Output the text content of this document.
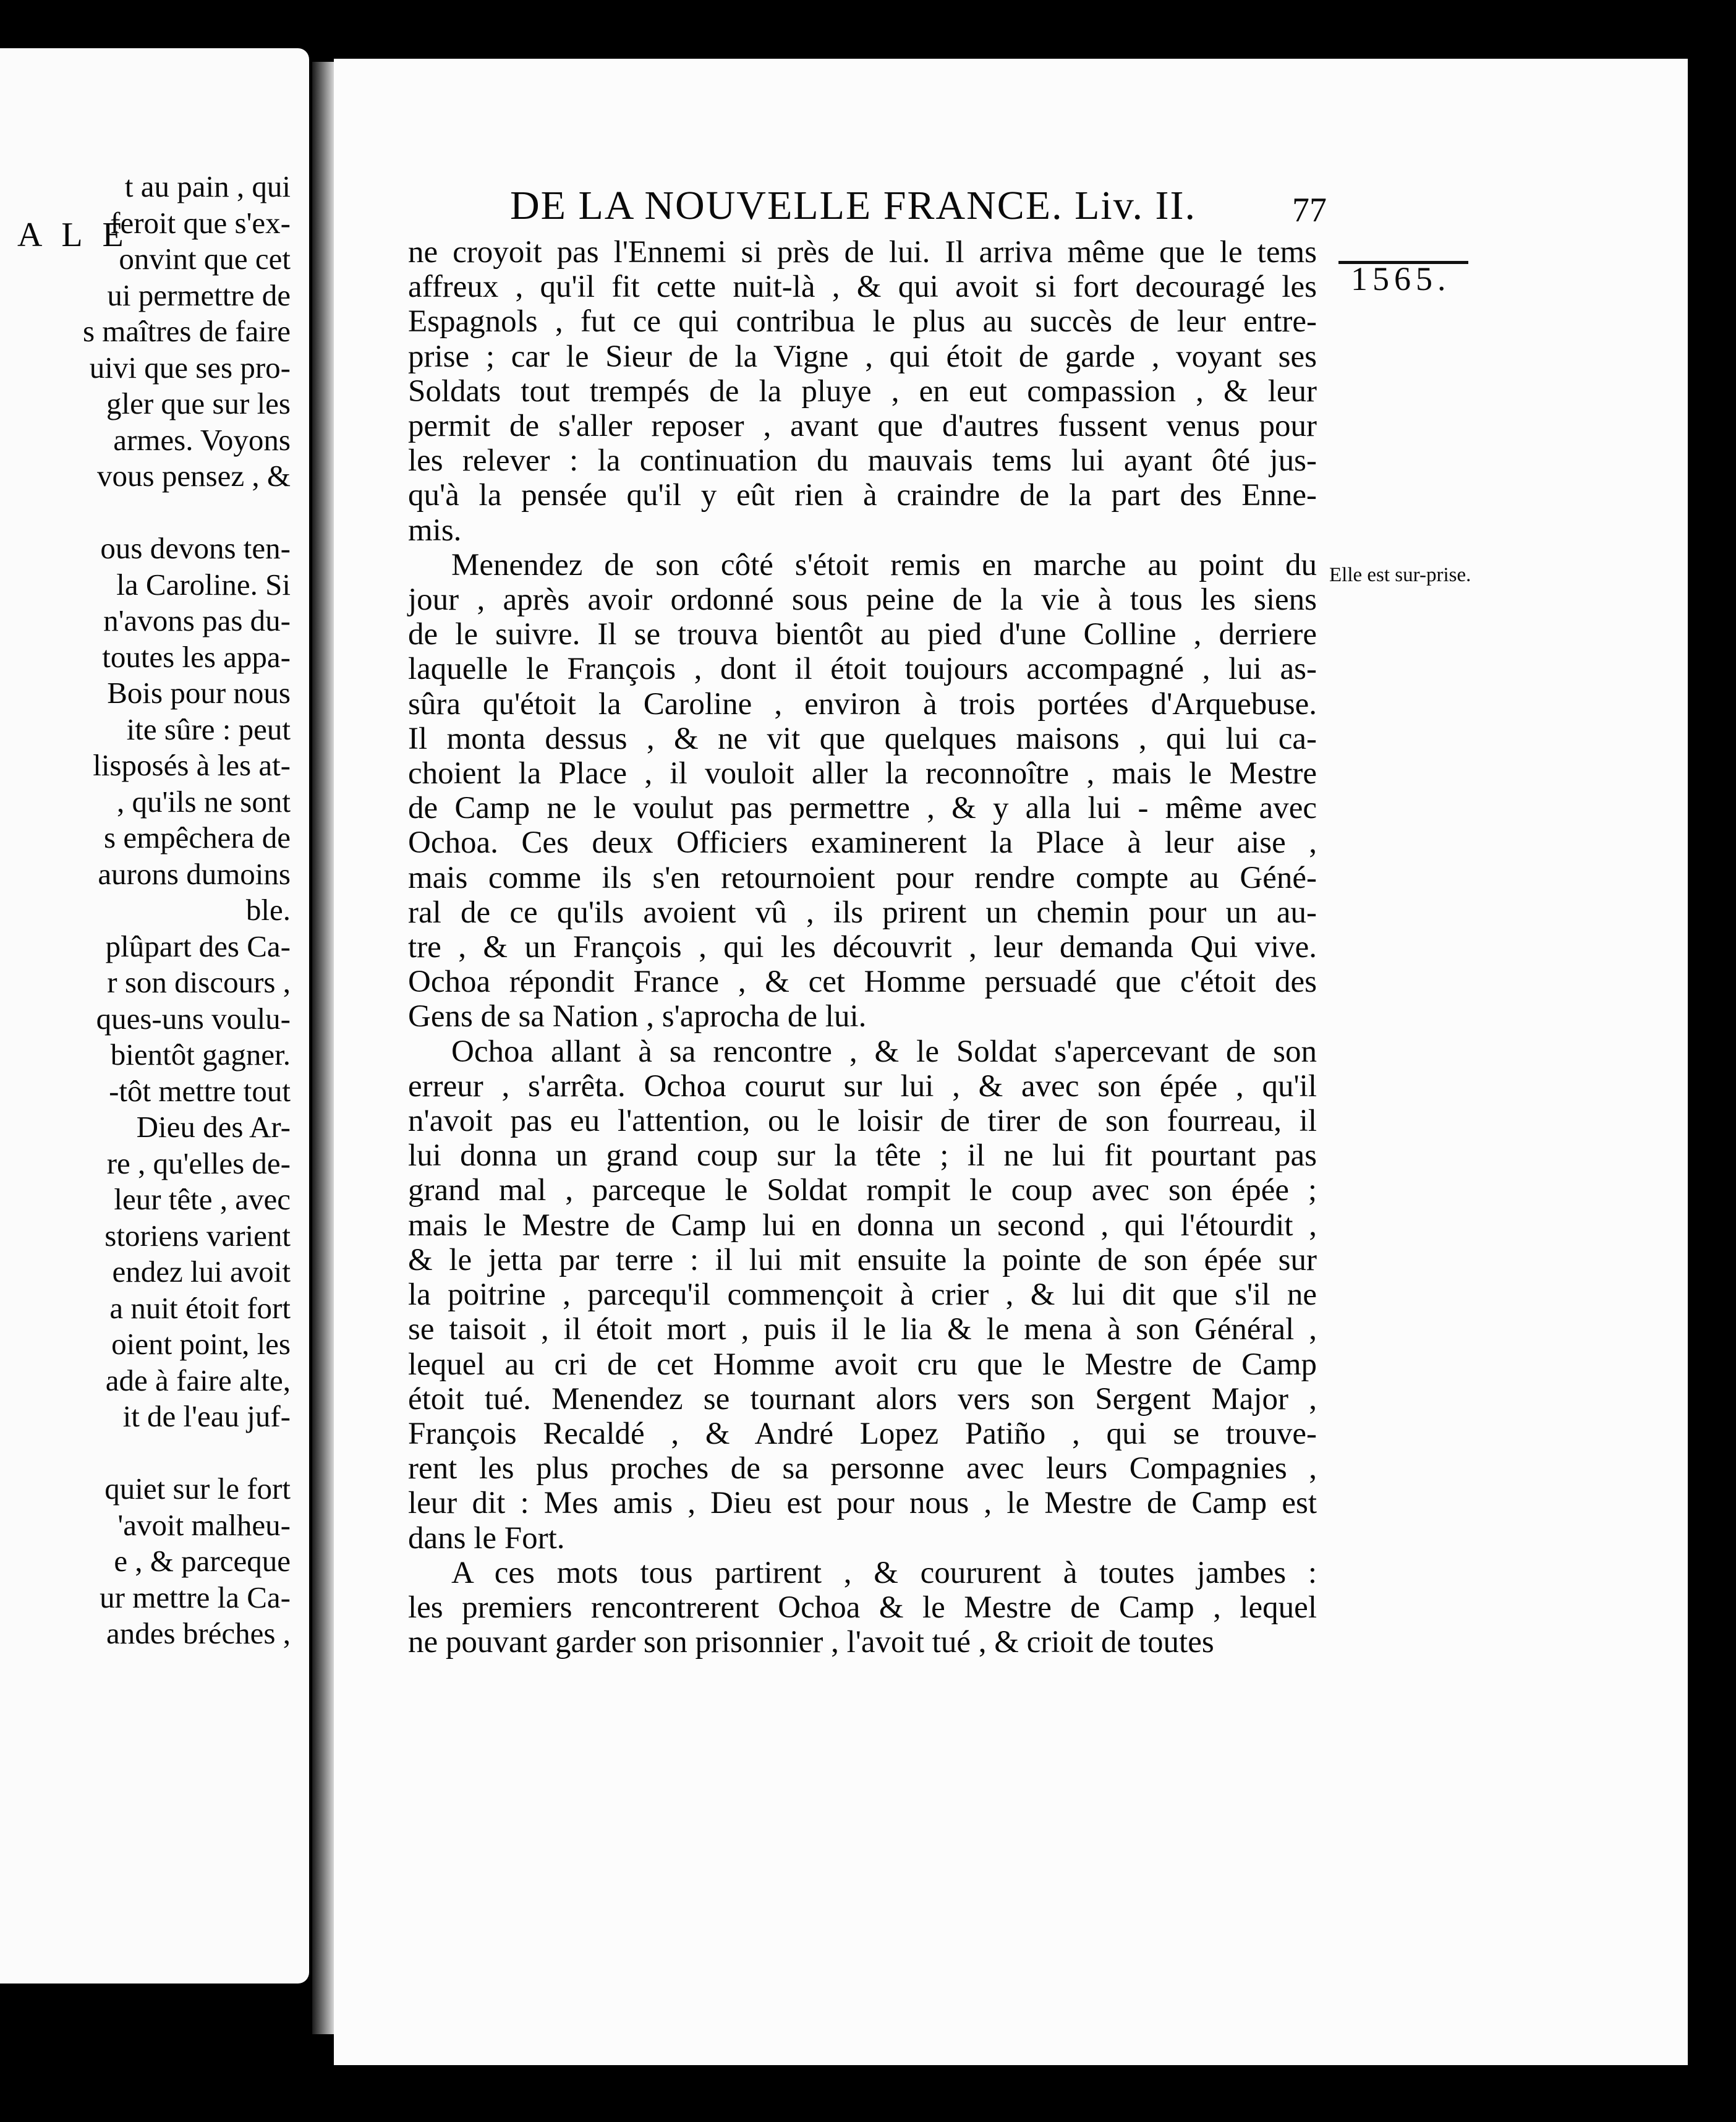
A L E
t au pain , qui
feroit que s'ex-
onvint que cet
ui permettre de
s maîtres de faire
uivi que ses pro-
gler que sur les
armes. Voyons
vous pensez , &
ous devons ten-
la Caroline. Si
n'avons pas du-
toutes les appa-
Bois pour nous
ite sûre : peut
lisposés à les at-
, qu'ils ne sont
s empêchera de
aurons dumoins
ble.
plûpart des Ca-
r son discours ,
ques-uns voulu-
bientôt gagner.
-tôt mettre tout
Dieu des Ar-
re , qu'elles de-
leur tête , avec
storiens varient
endez lui avoit
a nuit étoit fort
oient point, les
ade à faire alte,
it de l'eau juf-
quiet sur le fort
'avoit malheu-
e , & parceque
ur mettre la Ca-
andes bréches ,
DE LA NOUVELLE FRANCE. Liv. II.	77
1565.
Elle est sur-prise.
ne croyoit pas l'Ennemi si près de lui. Il arriva même que le tems
affreux , qu'il fit cette nuit-là , & qui avoit si fort decouragé les
Espagnols , fut ce qui contribua le plus au succès de leur entre-
prise ; car le Sieur de la Vigne , qui étoit de garde , voyant ses
Soldats tout trempés de la pluye , en eut compassion , & leur
permit de s'aller reposer , avant que d'autres fussent venus pour
les relever : la continuation du mauvais tems lui ayant ôté jus-
qu'à la pensée qu'il y eût rien à craindre de la part des Enne-
mis.
Menendez de son côté s'étoit remis en marche au point du
jour , après avoir ordonné sous peine de la vie à tous les siens
de le suivre. Il se trouva bientôt au pied d'une Colline , derriere
laquelle le François , dont il étoit toujours accompagné , lui as-
sûra qu'étoit la Caroline , environ à trois portées d'Arquebuse.
Il monta dessus , & ne vit que quelques maisons , qui lui ca-
choient la Place , il vouloit aller la reconnoître , mais le Mestre
de Camp ne le voulut pas permettre , & y alla lui - même avec
Ochoa. Ces deux Officiers examinerent la Place à leur aise ,
mais comme ils s'en retournoient pour rendre compte au Géné-
ral de ce qu'ils avoient vû , ils prirent un chemin pour un au-
tre , & un François , qui les découvrit , leur demanda Qui vive.
Ochoa répondit France , & cet Homme persuadé que c'étoit des
Gens de sa Nation , s'aprocha de lui.
Ochoa allant à sa rencontre , & le Soldat s'apercevant de son
erreur , s'arrêta. Ochoa courut sur lui , & avec son épée , qu'il
n'avoit pas eu l'attention, ou le loisir de tirer de son fourreau, il
lui donna un grand coup sur la tête ; il ne lui fit pourtant pas
grand mal , parceque le Soldat rompit le coup avec son épée ;
mais le Mestre de Camp lui en donna un second , qui l'étourdit ,
& le jetta par terre : il lui mit ensuite la pointe de son épée sur
la poitrine , parcequ'il commençoit à crier , & lui dit que s'il ne
se taisoit , il étoit mort , puis il le lia & le mena à son Général ,
lequel au cri de cet Homme avoit cru que le Mestre de Camp
étoit tué. Menendez se tournant alors vers son Sergent Major ,
François Recaldé , & André Lopez Patiño , qui se trouve-
rent les plus proches de sa personne avec leurs Compagnies ,
leur dit : Mes amis , Dieu est pour nous , le Mestre de Camp est
dans le Fort.
A ces mots tous partirent , & coururent à toutes jambes :
les premiers rencontrerent Ochoa & le Mestre de Camp , lequel
ne pouvant garder son prisonnier , l'avoit tué , & crioit de toutes
